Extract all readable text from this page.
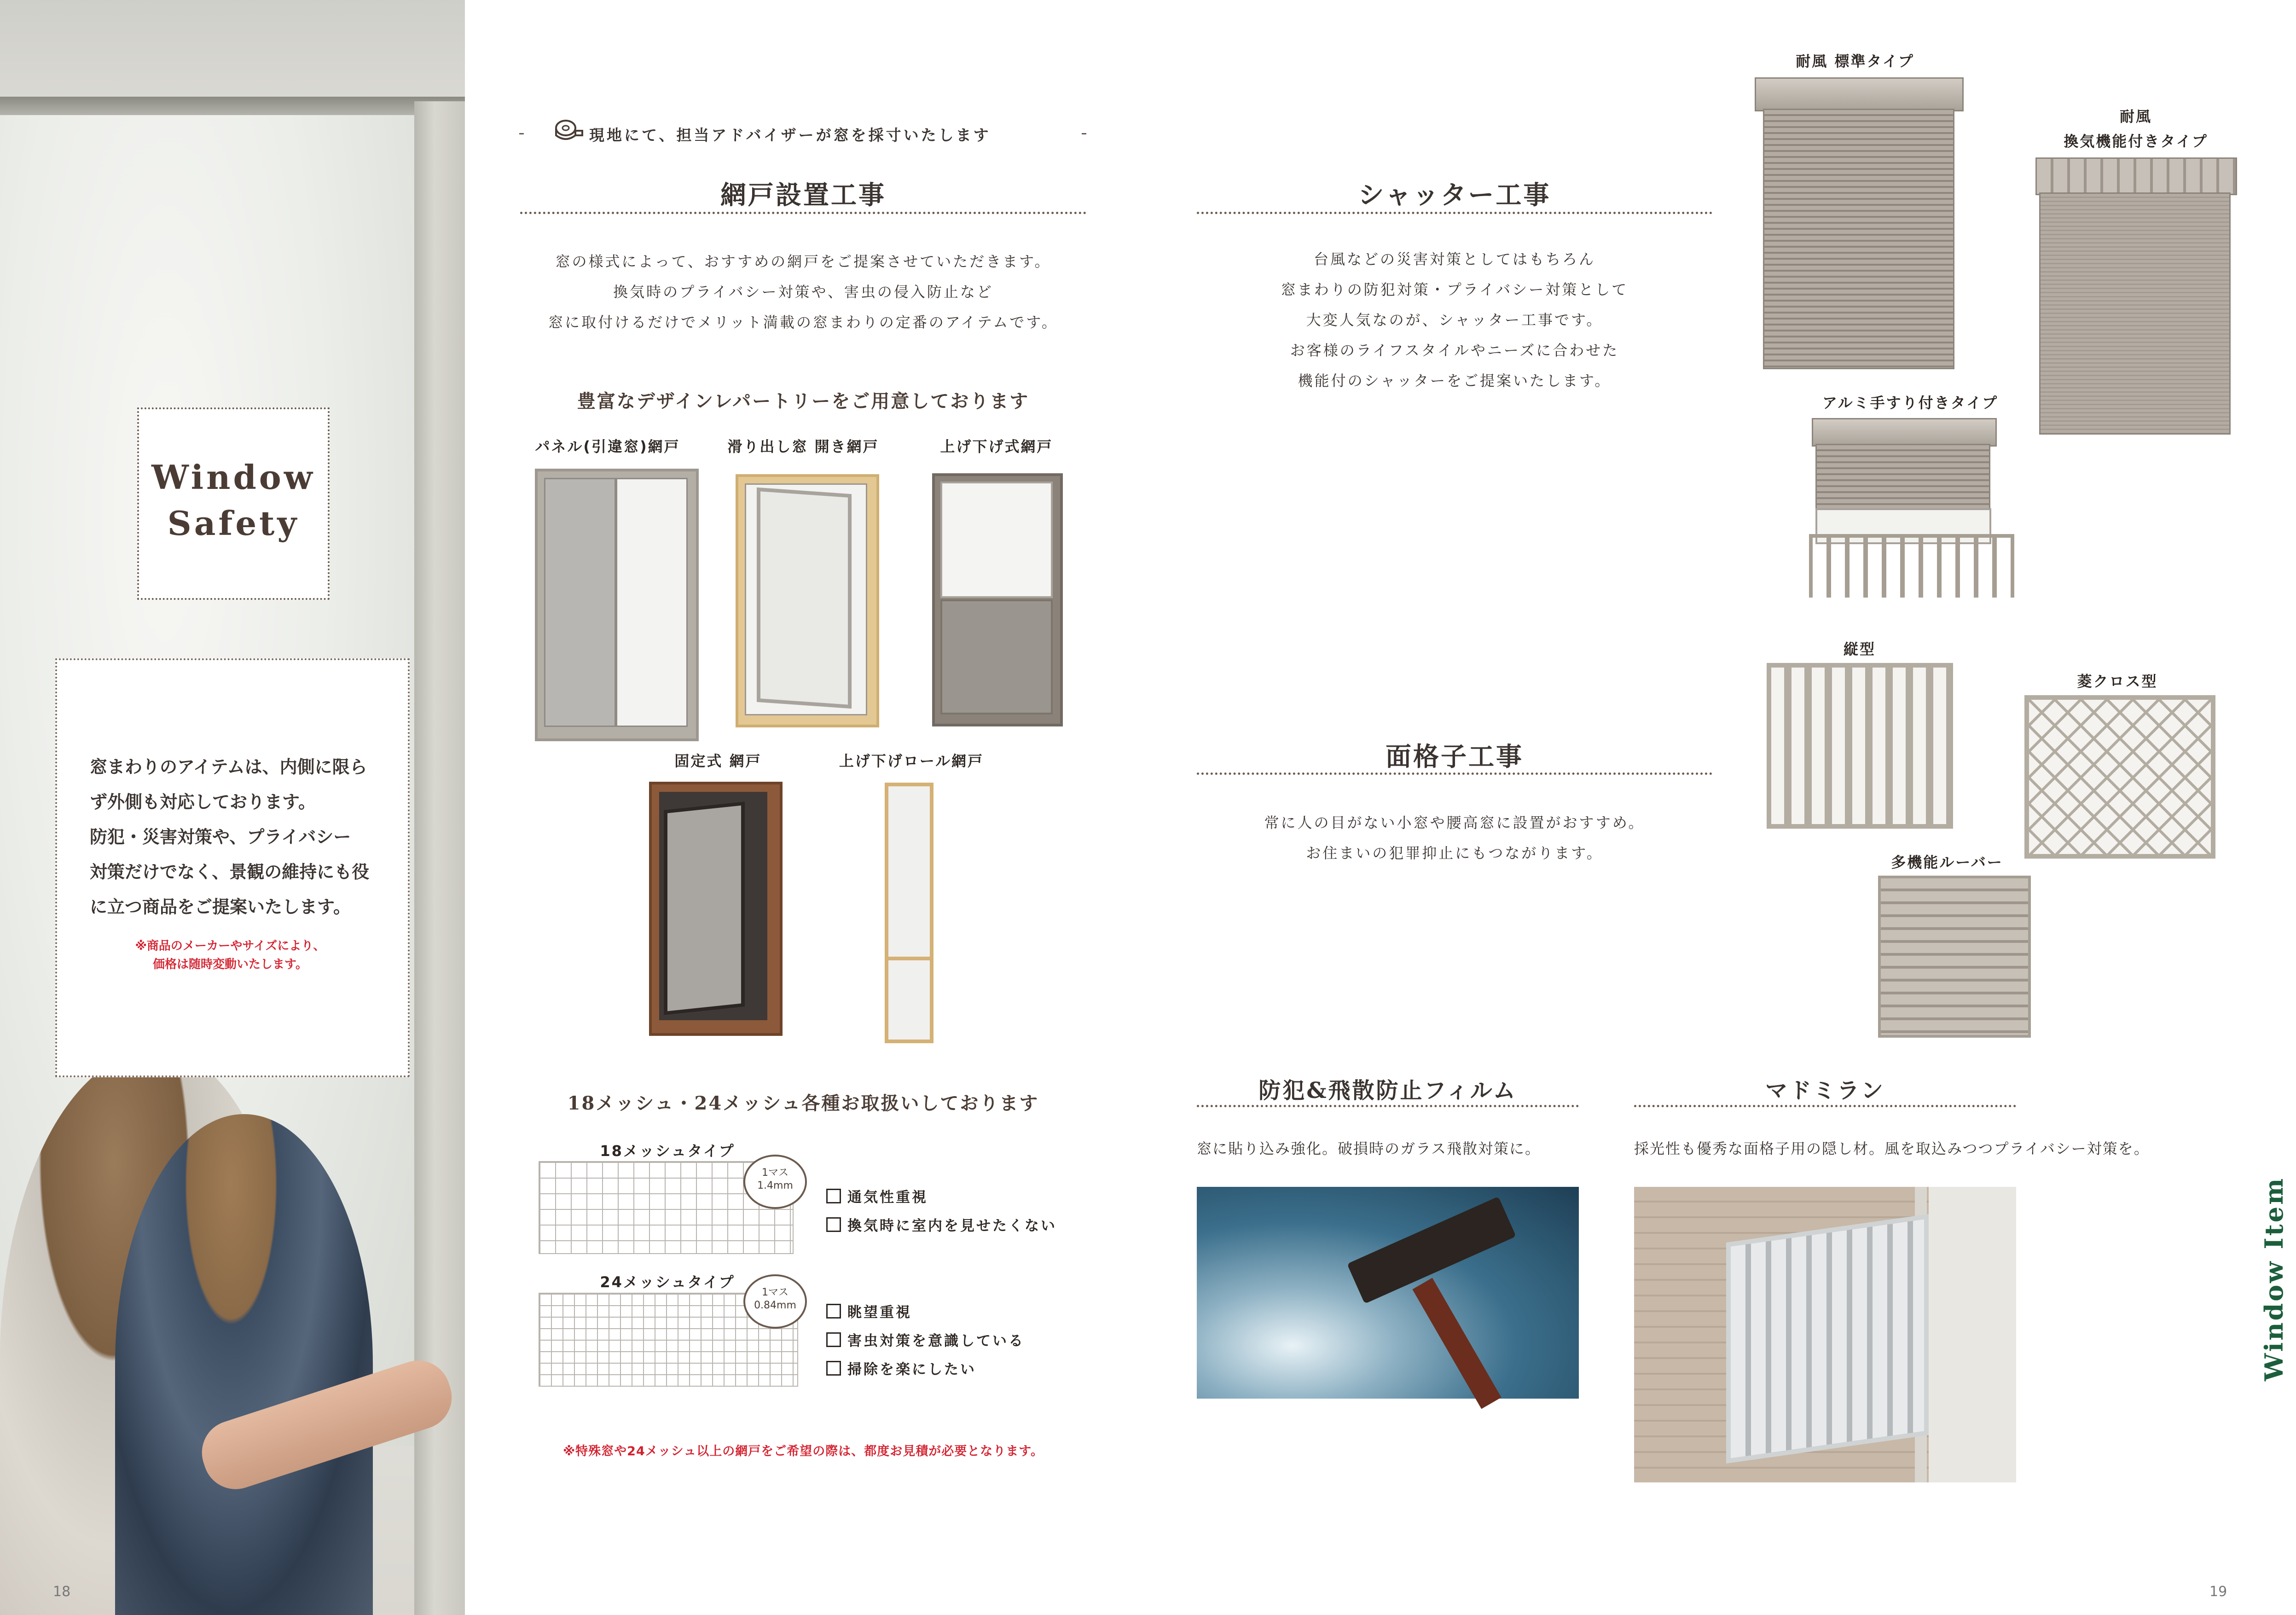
Window
Safety
窓まわりのアイテムは、内側に限ら
ず外側も対応しております。
防犯・災害対策や、プライバシー
対策だけでなく、景観の維持にも役
に立つ商品をご提案いたします。
※商品のメーカーやサイズにより、
価格は随時変動いたします。
18
現地にて、担当アドバイザーが窓を採寸いたします
網戸設置工事
窓の様式によって、おすすめの網戸をご提案させていただきます。
換気時のプライバシー対策や、害虫の侵入防止など
窓に取付けるだけでメリット満載の窓まわりの定番のアイテムです。
豊富なデザインレパートリーをご用意しております
パネル(引違窓)網戸	滑り出し窓 開き網戸	上げ下げ式網戸
固定式 網戸	上げ下げロール網戸
18メッシュ・24メッシュ各種お取扱いしております
18メッシュタイプ
1マス
1.4mm
通気性重視
換気時に室内を見せたくない
24メッシュタイプ
1マス
0.84mm	眺望重視
害虫対策を意識している
掃除を楽にしたい
※特殊窓や24メッシュ以上の網戸をご希望の際は、都度お見積が必要となります。
シャッター工事
台風などの災害対策としてはもちろん
窓まわりの防犯対策・プライバシー対策として
大変人気なのが、シャッター工事です。
お客様のライフスタイルやニーズに合わせた
機能付のシャッターをご提案いたします。
耐風 標準タイプ
耐風
換気機能付きタイプ
アルミ手すり付きタイプ
縦型
菱クロス型
多機能ルーバー
面格子工事
常に人の目がない小窓や腰高窓に設置がおすすめ。
お住まいの犯罪抑止にもつながります。
防犯&飛散防止フィルム
窓に貼り込み強化。破損時のガラス飛散対策に。
マドミラン
採光性も優秀な面格子用の隠し材。風を取込みつつプライバシー対策を。
19
Window Item
